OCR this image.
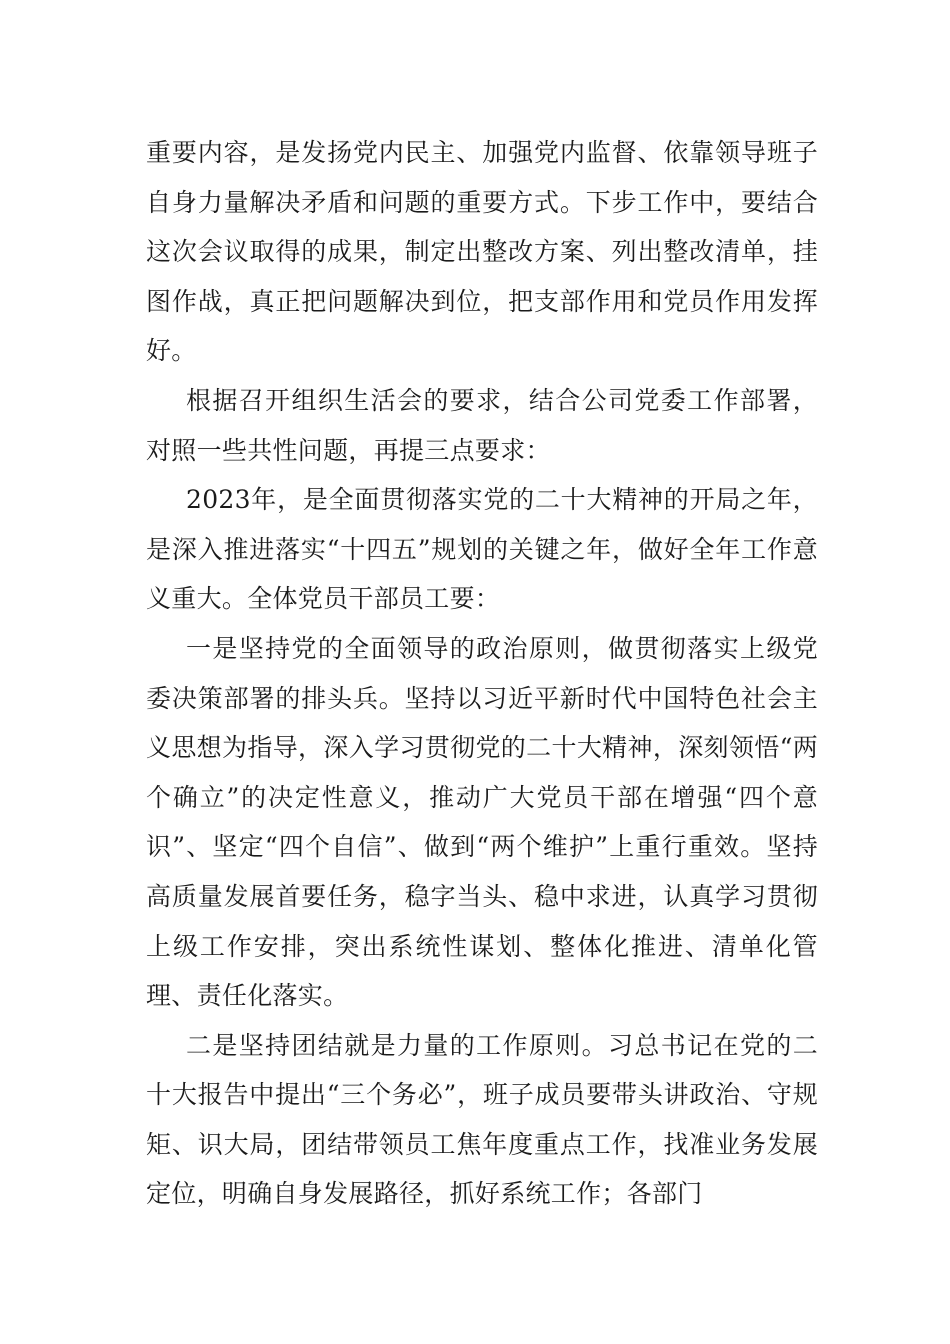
重要内容，是发扬党内民主、加强党内监督、依靠领导班子自身力量解决矛盾和问题的重要方式。下步工作中，要结合这次会议取得的成果，制定出整改方案、列出整改清单，挂图作战，真正把问题解决到位，把支部作用和党员作用发挥好。

根据召开组织生活会的要求，结合公司党委工作部署，对照一些共性问题，再提三点要求：

2023年，是全面贯彻落实党的二十大精神的开局之年，是深入推进落实“十四五”规划的关键之年，做好全年工作意义重大。全体党员干部员工要：

一是坚持党的全面领导的政治原则，做贯彻落实上级党委决策部署的排头兵。坚持以习近平新时代中国特色社会主义思想为指导，深入学习贯彻党的二十大精神，深刻领悟“两个确立”的决定性意义，推动广大党员干部在增强“四个意识”、坚定“四个自信”、做到“两个维护”上重行重效。坚持高质量发展首要任务，稳字当头、稳中求进，认真学习贯彻上级工作安排，突出系统性谋划、整体化推进、清单化管理、责任化落实。

二是坚持团结就是力量的工作原则。习总书记在党的二十大报告中提出“三个务必”，班子成员要带头讲政治、守规矩、识大局，团结带领员工焦年度重点工作，找准业务发展定位，明确自身发展路径，抓好系统工作；各部门
